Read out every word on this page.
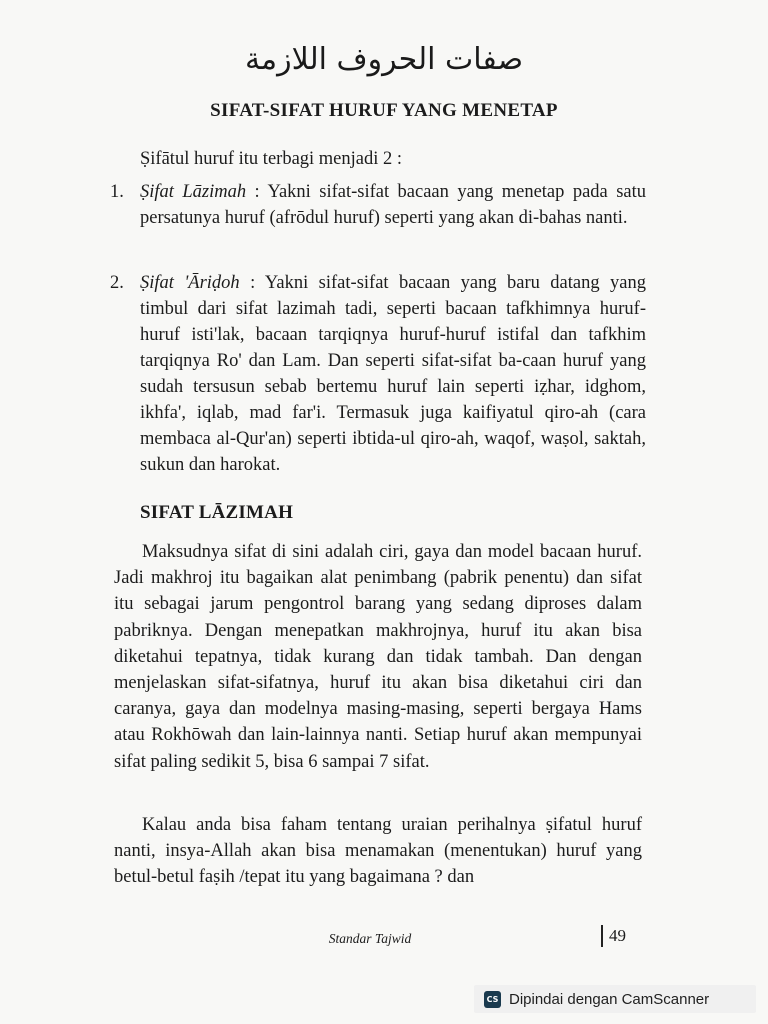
صفات الحروف اللازمة
SIFAT-SIFAT HURUF YANG MENETAP
Ṣifātul huruf itu terbagi menjadi 2 :
1. Ṣifat Lāzimah : Yakni sifat-sifat bacaan yang menetap pada satu persatunya huruf (afrōdul huruf) seperti yang akan di-bahas nanti.
2. Ṣifat 'Āriḍoh : Yakni sifat-sifat bacaan yang baru datang yang timbul dari sifat lazimah tadi, seperti bacaan tafkhimnya huruf-huruf isti'lak, bacaan tarqiqnya huruf-huruf istifal dan tafkhim tarqiqnya Ro' dan Lam. Dan seperti sifat-sifat ba-caan huruf yang sudah tersusun sebab bertemu huruf lain seperti iẓhar, idghom, ikhfa', iqlab, mad far'i. Termasuk juga kaifiyatul qiro-ah (cara membaca al-Qur'an) seperti ibtida-ul qiro-ah, waqof, waṣol, saktah, sukun dan harokat.
SIFAT LĀZIMAH
Maksudnya sifat di sini adalah ciri, gaya dan model bacaan huruf. Jadi makhroj itu bagaikan alat penimbang (pabrik penentu) dan sifat itu sebagai jarum pengontrol barang yang sedang diproses dalam pabriknya. Dengan menepatkan makhrojnya, huruf itu akan bisa diketahui tepatnya, tidak kurang dan tidak tambah. Dan dengan menjelaskan sifat-sifatnya, huruf itu akan bisa diketahui ciri dan caranya, gaya dan modelnya masing-masing, seperti bergaya Hams atau Rokhōwah dan lain-lainnya nanti. Setiap huruf akan mempunyai sifat paling sedikit 5, bisa 6 sampai 7 sifat.
Kalau anda bisa faham tentang uraian perihalnya ṣifatul huruf nanti, insya-Allah akan bisa menamakan (menentukan) huruf yang betul-betul faṣih /tepat itu yang bagaimana ? dan
Standar Tajwid	49
CS Dipindai dengan CamScanner
